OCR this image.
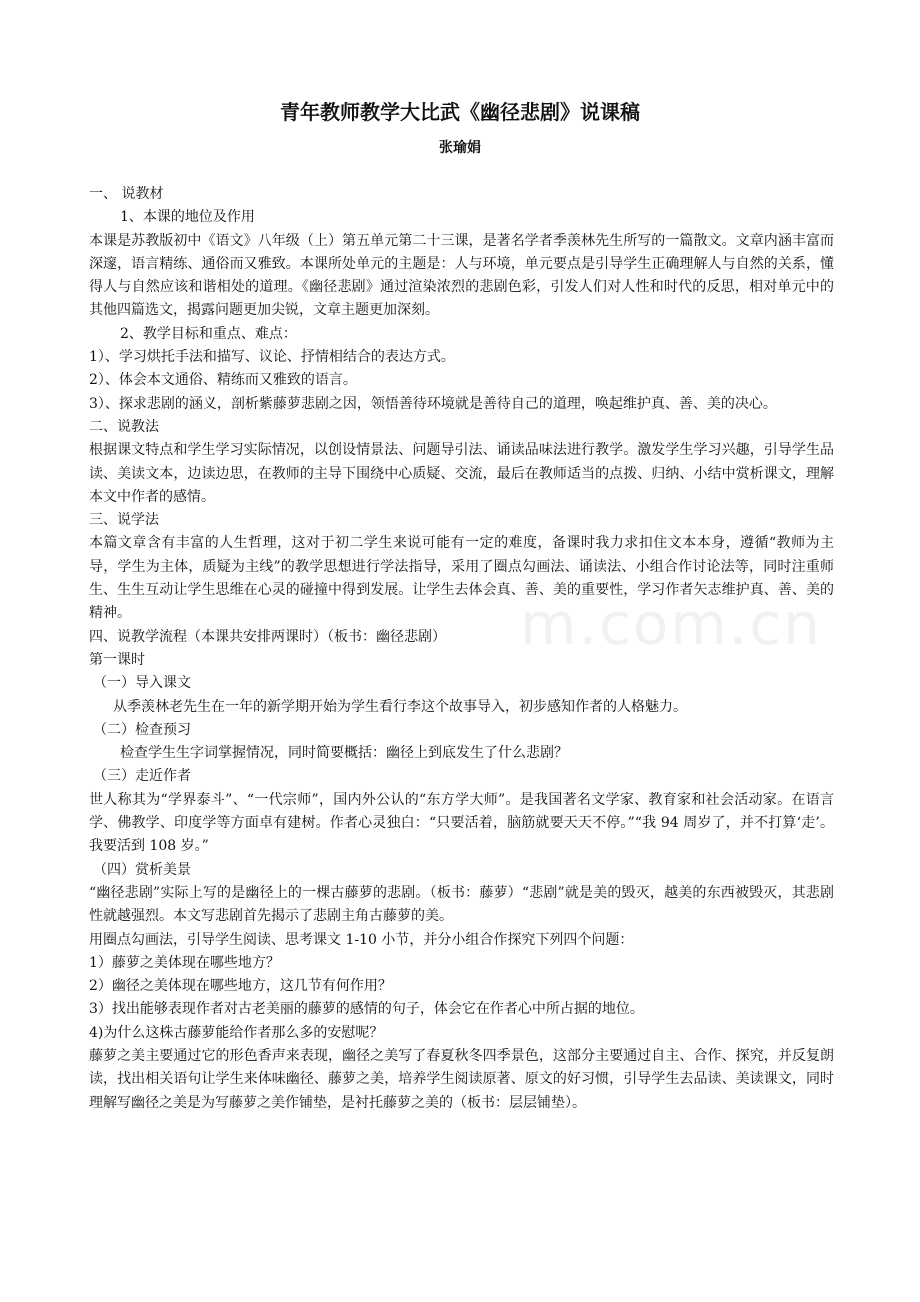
青年教师教学大比武《幽径悲剧》说课稿
张瑜娟
m.com.cn

一、 说教材

1、本课的地位及作用

本课是苏教版初中《语文》八年级（上）第五单元第二十三课，是著名学者季羡林先生所写的一篇散文。文章内涵丰富而深邃，语言精练、通俗而又雅致。本课所处单元的主题是：人与环境，单元要点是引导学生正确理解人与自然的关系，懂得人与自然应该和谐相处的道理。《幽径悲剧》通过渲染浓烈的悲剧色彩，引发人们对人性和时代的反思，相对单元中的其他四篇选文，揭露问题更加尖锐，文章主题更加深刻。

2、教学目标和重点、难点：

1）、学习烘托手法和描写、议论、抒情相结合的表达方式。

2）、体会本文通俗、精练而又雅致的语言。

3）、探求悲剧的涵义，剖析紫藤萝悲剧之因，领悟善待环境就是善待自己的道理，唤起维护真、善、美的决心。

二、说教法

根据课文特点和学生学习实际情况，以创设情景法、问题导引法、诵读品味法进行教学。激发学生学习兴趣，引导学生品读、美读文本，边读边思，在教师的主导下围绕中心质疑、交流，最后在教师适当的点拨、归纳、小结中赏析课文，理解本文中作者的感情。

三、说学法

本篇文章含有丰富的人生哲理，这对于初二学生来说可能有一定的难度，备课时我力求扣住文本本身，遵循“教师为主导，学生为主体，质疑为主线”的教学思想进行学法指导，采用了圈点勾画法、诵读法、小组合作讨论法等，同时注重师生、生生互动让学生思维在心灵的碰撞中得到发展。让学生去体会真、善、美的重要性，学习作者矢志维护真、善、美的精神。

四、说教学流程（本课共安排两课时）（板书：幽径悲剧）

第一课时

（一）导入课文

从季羡林老先生在一年的新学期开始为学生看行李这个故事导入，初步感知作者的人格魅力。

（二）检查预习

检查学生生字词掌握情况，同时简要概括：幽径上到底发生了什么悲剧？

（三）走近作者

世人称其为“学界泰斗”、“一代宗师”，国内外公认的“东方学大师”。是我国著名文学家、教育家和社会活动家。在语言学、佛教学、印度学等方面卓有建树。作者心灵独白：“只要活着，脑筋就要天天不停。”“我 94 周岁了，并不打算‘走’。我要活到 108 岁。”

（四）赏析美景

“幽径悲剧”实际上写的是幽径上的一棵古藤萝的悲剧。（板书：藤萝）“悲剧”就是美的毁灭，越美的东西被毁灭，其悲剧性就越强烈。本文写悲剧首先揭示了悲剧主角古藤萝的美。

用圈点勾画法，引导学生阅读、思考课文 1-10 小节，并分小组合作探究下列四个问题：

1）藤萝之美体现在哪些地方？

2）幽径之美体现在哪些地方，这几节有何作用？

3）找出能够表现作者对古老美丽的藤萝的感情的句子，体会它在作者心中所占据的地位。

4)为什么这株古藤萝能给作者那么多的安慰呢？

藤萝之美主要通过它的形色香声来表现，幽径之美写了春夏秋冬四季景色，这部分主要通过自主、合作、探究，并反复朗读，找出相关语句让学生来体味幽径、藤萝之美，培养学生阅读原著、原文的好习惯，引导学生去品读、美读课文，同时理解写幽径之美是为写藤萝之美作铺垫，是衬托藤萝之美的（板书：层层铺垫）。
